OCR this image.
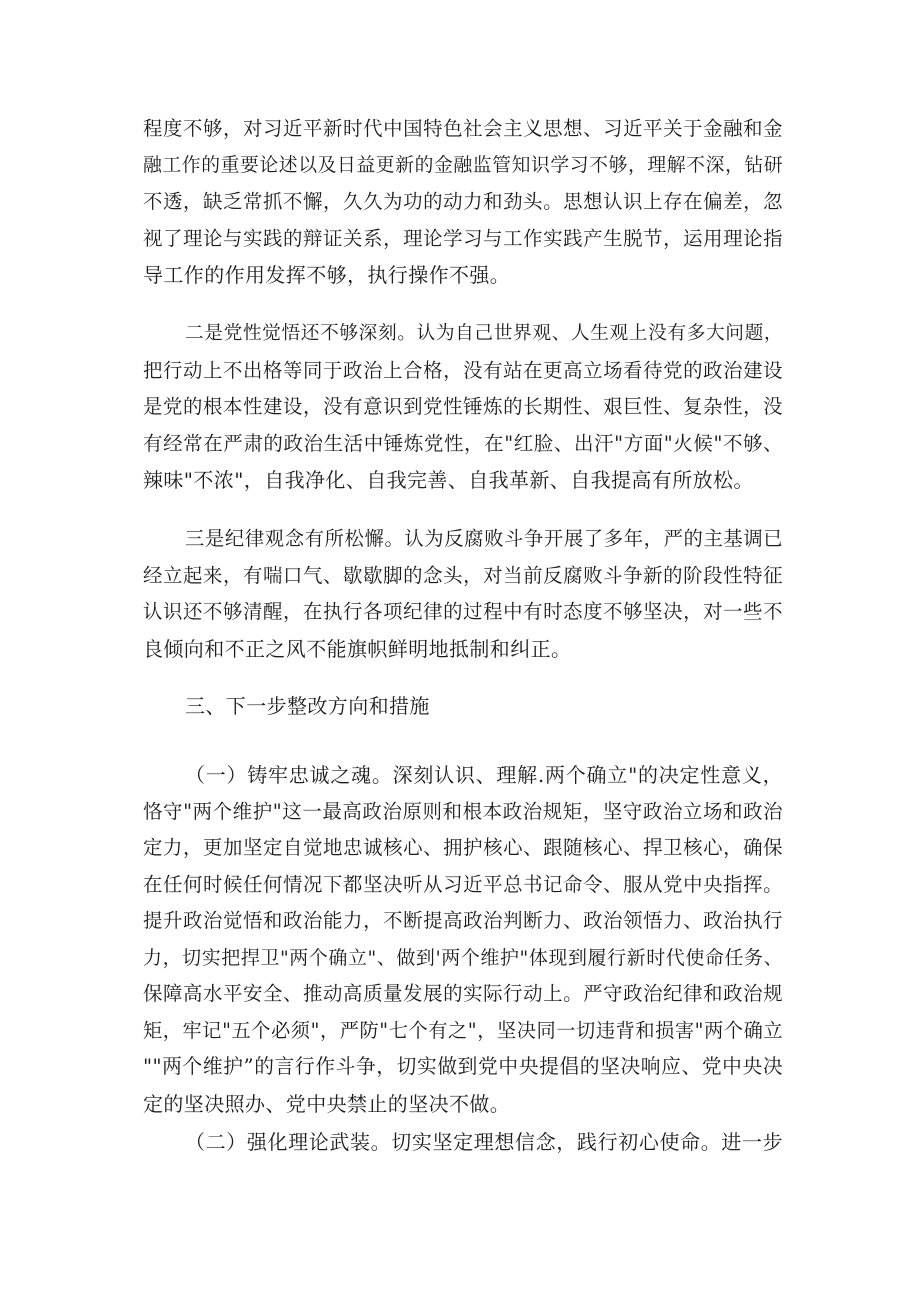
程度不够，对习近平新时代中国特色社会主义思想、习近平关于金融和金
融工作的重要论述以及日益更新的金融监管知识学习不够，理解不深，钻研
不透，缺乏常抓不懈，久久为功的动力和劲头。思想认识上存在偏差，忽
视了理论与实践的辩证关系，理论学习与工作实践产生脱节，运用理论指
导工作的作用发挥不够，执行操作不强。
二是党性觉悟还不够深刻。认为自己世界观、人生观上没有多大问题，
把行动上不出格等同于政治上合格，没有站在更高立场看待党的政治建设
是党的根本性建设，没有意识到党性锤炼的长期性、艰巨性、复杂性，没
有经常在严肃的政治生活中锤炼党性，在"红脸、出汗"方面"火候"不够、
辣味"不浓"，自我净化、自我完善、自我革新、自我提高有所放松。
三是纪律观念有所松懈。认为反腐败斗争开展了多年，严的主基调已
经立起来，有喘口气、歇歇脚的念头，对当前反腐败斗争新的阶段性特征
认识还不够清醒，在执行各项纪律的过程中有时态度不够坚决，对一些不
良倾向和不正之风不能旗帜鲜明地抵制和纠正。
三、下一步整改方向和措施
（一）铸牢忠诚之魂。深刻认识、理解.两个确立"的决定性意义，
恪守"两个维护"这一最高政治原则和根本政治规矩，坚守政治立场和政治
定力，更加坚定自觉地忠诚核心、拥护核心、跟随核心、捍卫核心，确保
在任何时候任何情况下都坚决听从习近平总书记命令、服从党中央指挥。
提升政治觉悟和政治能力，不断提高政治判断力、政治领悟力、政治执行
力，切实把捍卫"两个确立"、做到'两个维护"体现到履行新时代使命任务、
保障高水平安全、推动高质量发展的实际行动上。严守政治纪律和政治规
矩，牢记"五个必须"，严防"七个有之"，坚决同一切违背和损害"两个确立
""两个维护”的言行作斗争，切实做到党中央提倡的坚决响应、党中央决
定的坚决照办、党中央禁止的坚决不做。
（二）强化理论武装。切实坚定理想信念，践行初心使命。进一步
